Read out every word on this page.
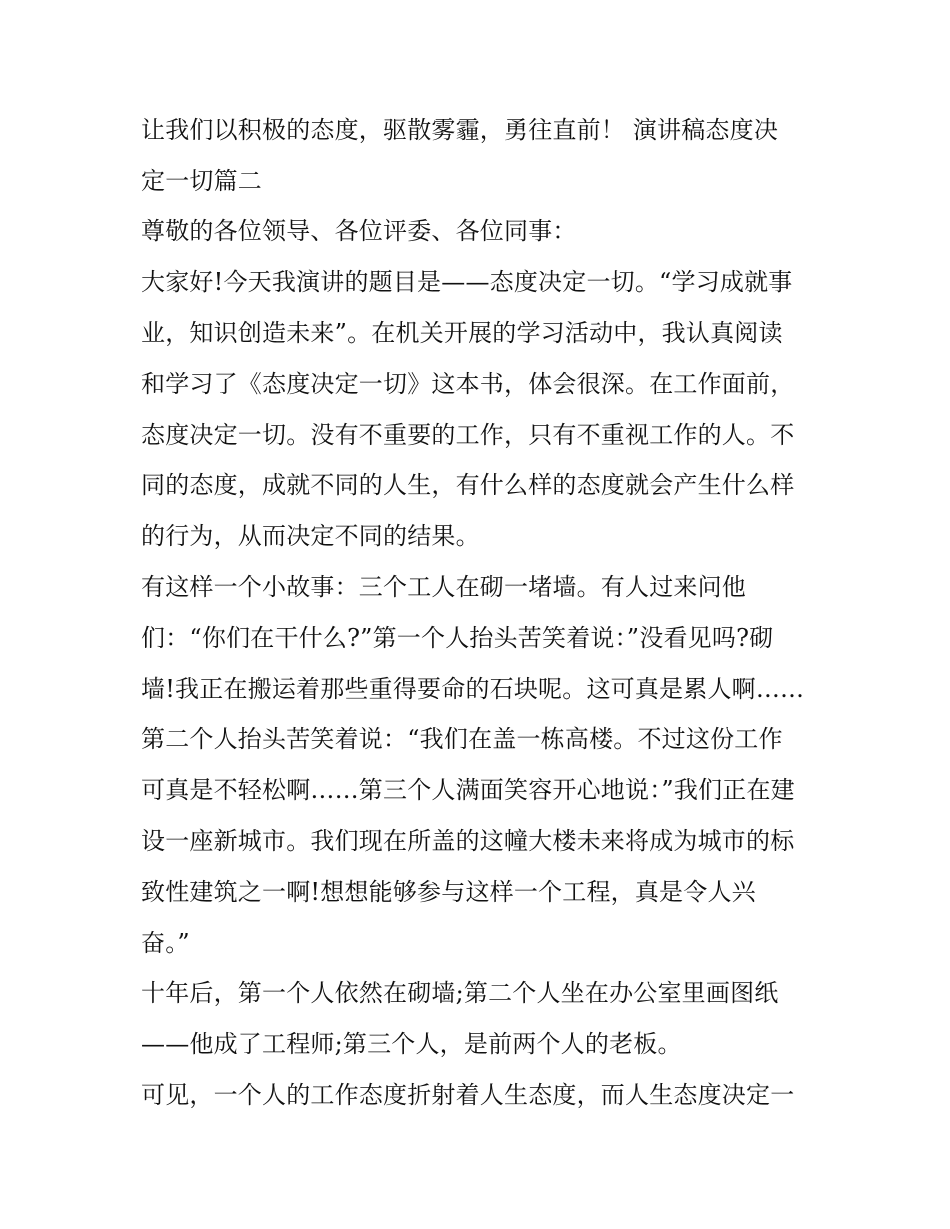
让我们以积极的态度，驱散雾霾，勇往直前！ 演讲稿态度决
定一切篇二
尊敬的各位领导、各位评委、各位同事：
大家好!今天我演讲的题目是——态度决定一切。“学习成就事
业，知识创造未来”。在机关开展的学习活动中，我认真阅读
和学习了《态度决定一切》这本书，体会很深。在工作面前，
态度决定一切。没有不重要的工作，只有不重视工作的人。不
同的态度，成就不同的人生，有什么样的态度就会产生什么样
的行为，从而决定不同的结果。
有这样一个小故事：三个工人在砌一堵墙。有人过来问他
们：“你们在干什么?”第一个人抬头苦笑着说：”没看见吗?砌
墙!我正在搬运着那些重得要命的石块呢。这可真是累人啊……
第二个人抬头苦笑着说：“我们在盖一栋高楼。不过这份工作
可真是不轻松啊……第三个人满面笑容开心地说：”我们正在建
设一座新城市。我们现在所盖的这幢大楼未来将成为城市的标
致性建筑之一啊!想想能够参与这样一个工程，真是令人兴
奋。”
十年后，第一个人依然在砌墙;第二个人坐在办公室里画图纸
——他成了工程师;第三个人，是前两个人的老板。
可见，一个人的工作态度折射着人生态度，而人生态度决定一
